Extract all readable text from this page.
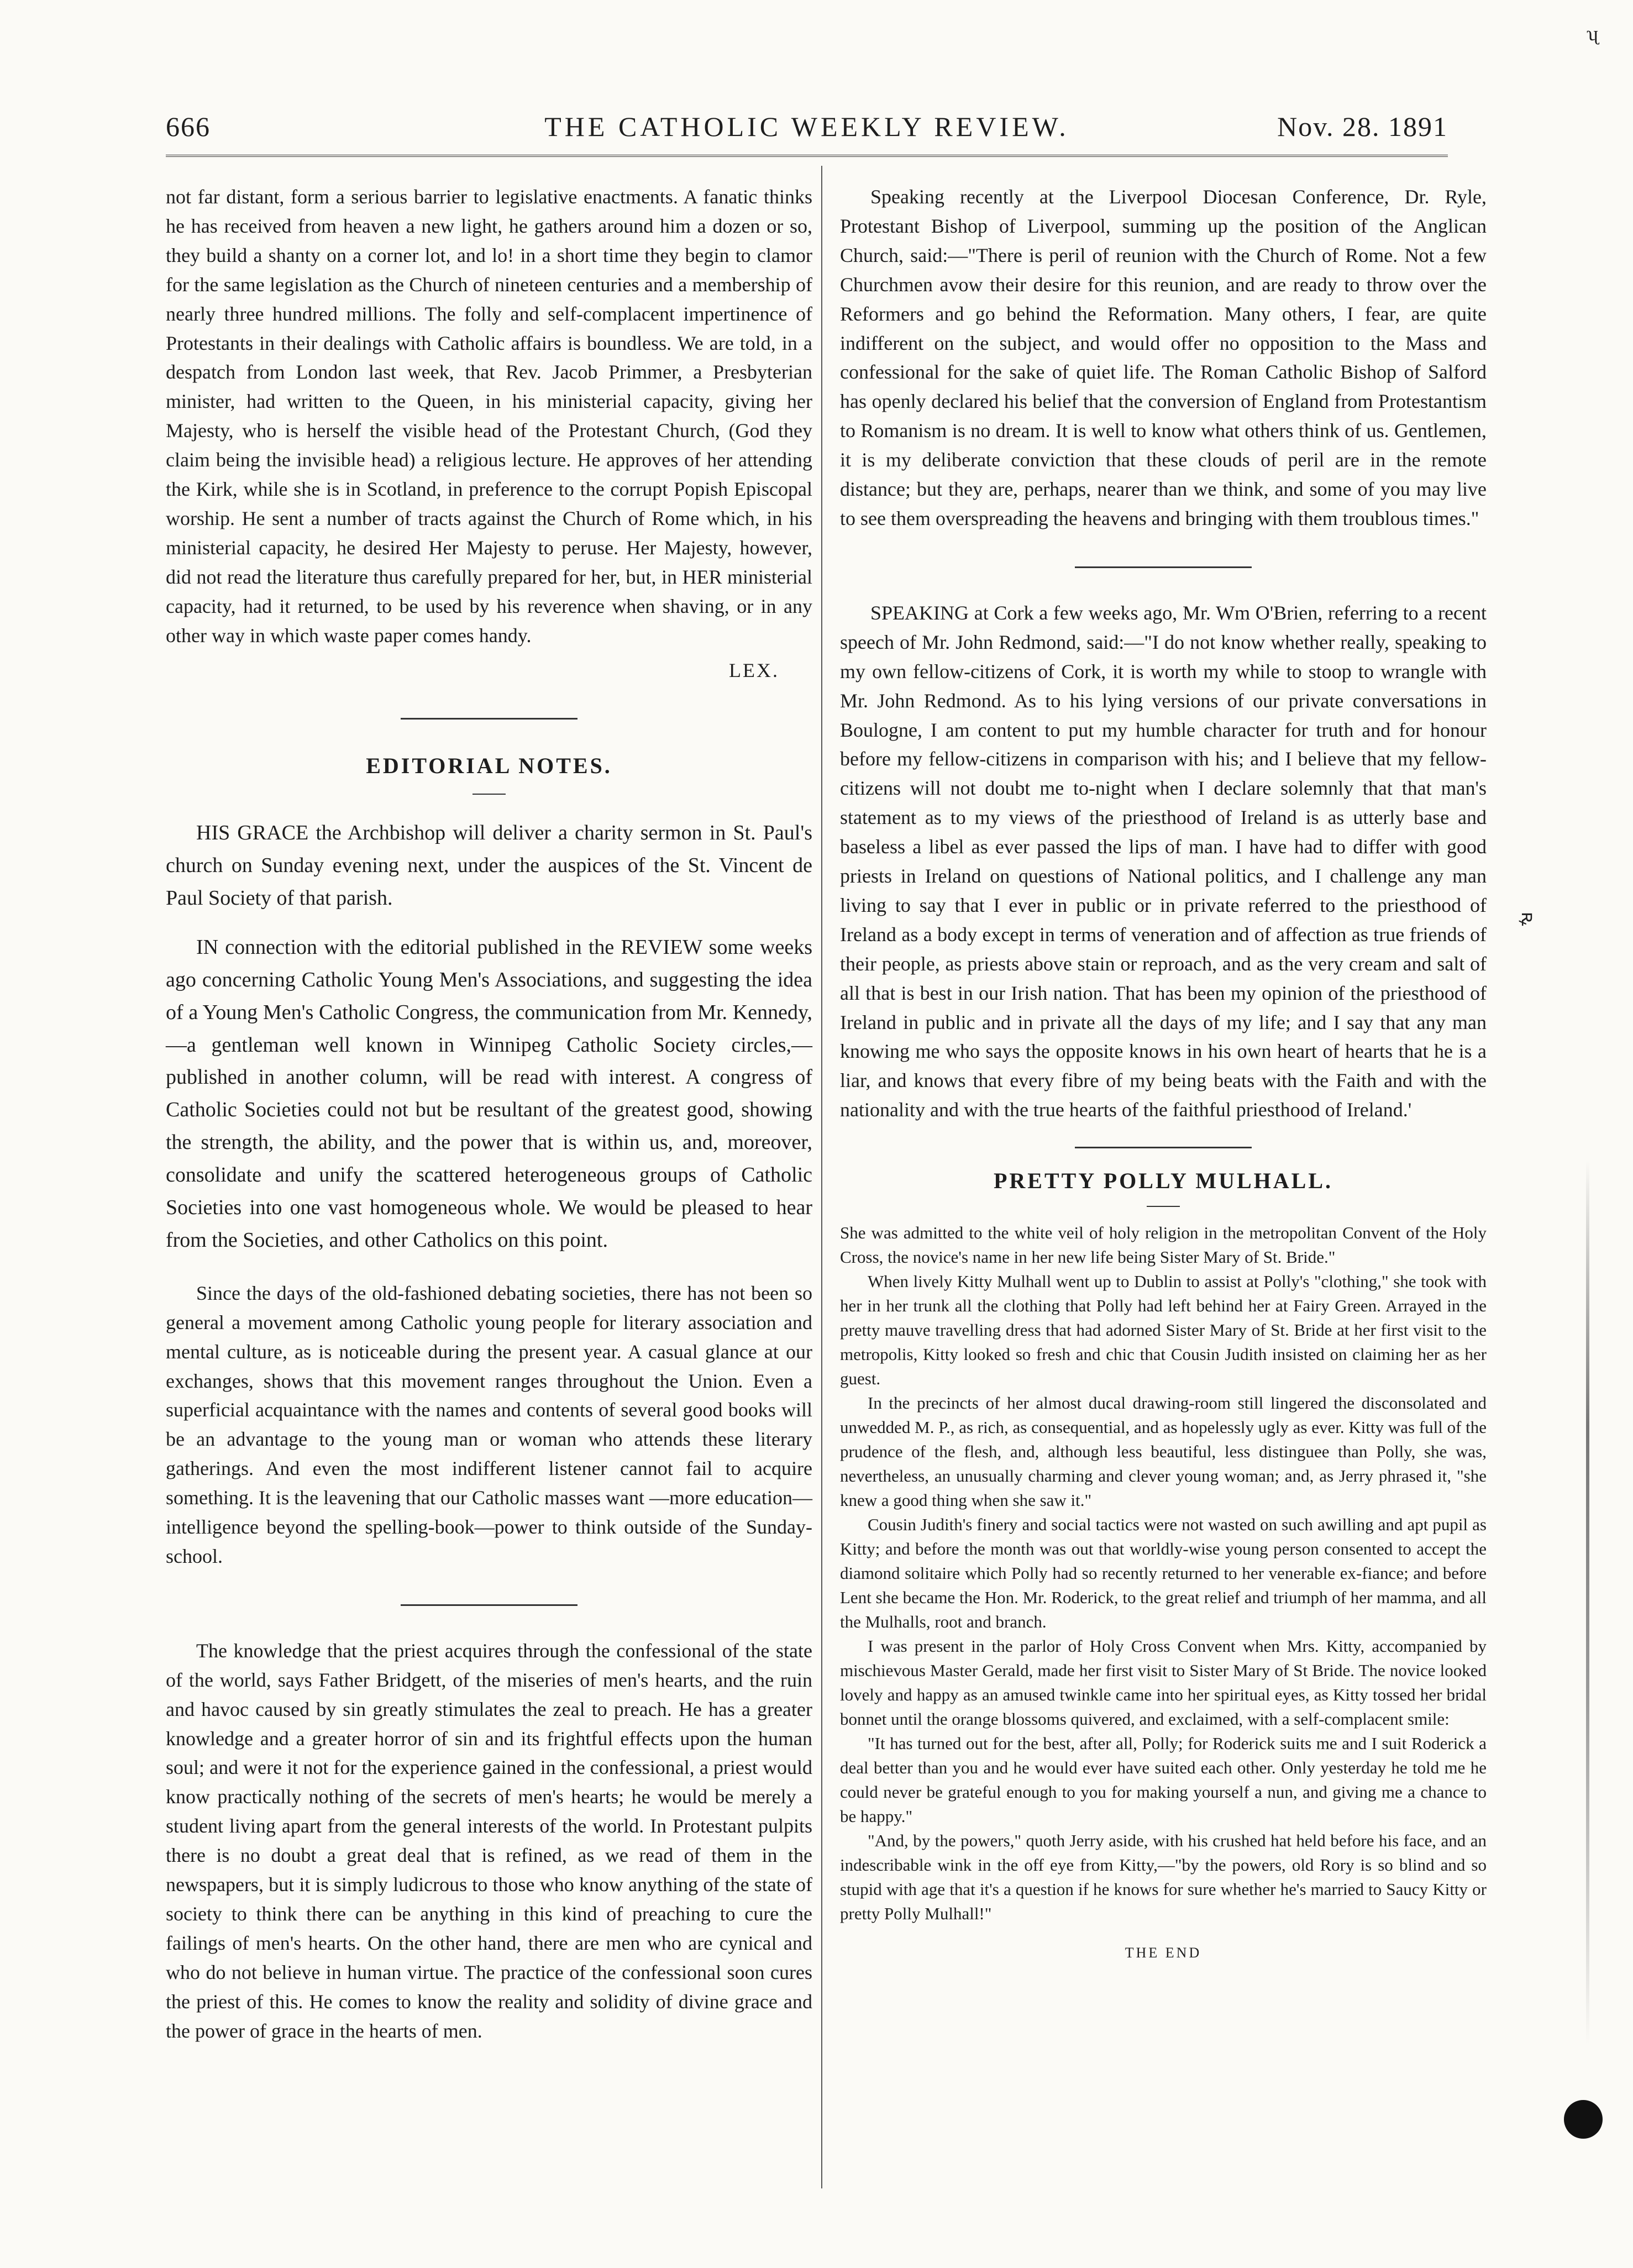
ʯ
666	THE CATHOLIC WEEKLY REVIEW.	Nov. 28. 1891

not far distant, form a serious barrier to legislative enactments. A fanatic thinks he has received from heaven a new light, he gathers around him a dozen or so, they build a shanty on a corner lot, and lo! in a short time they begin to clamor for the same legislation as the Church of nineteen centuries and a membership of nearly three hundred millions. The folly and self-complacent impertinence of Protestants in their dealings with Catholic affairs is boundless. We are told, in a despatch from London last week, that Rev. Jacob Primmer, a Presbyterian minister, had written to the Queen, in his ministerial capacity, giving her Majesty, who is herself the visible head of the Protestant Church, (God they claim being the invisible head) a religious lecture. He approves of her attending the Kirk, while she is in Scotland, in preference to the corrupt Popish Episcopal worship. He sent a number of tracts against the Church of Rome which, in his ministerial capacity, he desired Her Majesty to peruse. Her Majesty, however, did not read the literature thus carefully prepared for her, but, in HER ministerial capacity, had it returned, to be used by his reverence when shaving, or in any other way in which waste paper comes handy.

LEX.
EDITORIAL NOTES.

HIS GRACE the Archbishop will deliver a charity sermon in St. Paul's church on Sunday evening next, under the auspices of the St. Vincent de Paul Society of that parish.

IN connection with the editorial published in the REVIEW some weeks ago concerning Catholic Young Men's Associations, and suggesting the idea of a Young Men's Catholic Congress, the communication from Mr. Kennedy,—a gentleman well known in Winnipeg Catholic Society circles,—published in another column, will be read with interest. A congress of Catholic Societies could not but be resultant of the greatest good, showing the strength, the ability, and the power that is within us, and, moreover, consolidate and unify the scattered heterogeneous groups of Catholic Societies into one vast homogeneous whole. We would be pleased to hear from the Societies, and other Catholics on this point.

Since the days of the old-fashioned debating societies, there has not been so general a movement among Catholic young people for literary association and mental culture, as is noticeable during the present year. A casual glance at our exchanges, shows that this movement ranges throughout the Union. Even a superficial acquaintance with the names and contents of several good books will be an advantage to the young man or woman who attends these literary gatherings. And even the most indifferent listener cannot fail to acquire something. It is the leavening that our Catholic masses want —more education—intelligence beyond the spelling-book—power to think outside of the Sunday-school.

The knowledge that the priest acquires through the confessional of the state of the world, says Father Bridgett, of the miseries of men's hearts, and the ruin and havoc caused by sin greatly stimulates the zeal to preach. He has a greater knowledge and a greater horror of sin and its frightful effects upon the human soul; and were it not for the experience gained in the confessional, a priest would know practically nothing of the secrets of men's hearts; he would be merely a student living apart from the general interests of the world. In Protestant pulpits there is no doubt a great deal that is refined, as we read of them in the newspapers, but it is simply ludicrous to those who know anything of the state of society to think there can be anything in this kind of preaching to cure the failings of men's hearts. On the other hand, there are men who are cynical and who do not believe in human virtue. The practice of the confessional soon cures the priest of this. He comes to know the reality and solidity of divine grace and the power of grace in the hearts of men.

Speaking recently at the Liverpool Diocesan Conference, Dr. Ryle, Protestant Bishop of Liverpool, summing up the position of the Anglican Church, said:—"There is peril of reunion with the Church of Rome. Not a few Churchmen avow their desire for this reunion, and are ready to throw over the Reformers and go behind the Reformation. Many others, I fear, are quite indifferent on the subject, and would offer no opposition to the Mass and confessional for the sake of quiet life. The Roman Catholic Bishop of Salford has openly declared his belief that the conversion of England from Protestantism to Romanism is no dream. It is well to know what others think of us. Gentlemen, it is my deliberate conviction that these clouds of peril are in the remote distance; but they are, perhaps, nearer than we think, and some of you may live to see them overspreading the heavens and bringing with them troublous times."

SPEAKING at Cork a few weeks ago, Mr. Wm O'Brien, referring to a recent speech of Mr. John Redmond, said:—"I do not know whether really, speaking to my own fellow-citizens of Cork, it is worth my while to stoop to wrangle with Mr. John Redmond. As to his lying versions of our private conversations in Boulogne, I am content to put my humble character for truth and for honour before my fellow-citizens in comparison with his; and I believe that my fellow-citizens will not doubt me to-night when I declare solemnly that that man's statement as to my views of the priesthood of Ireland is as utterly base and baseless a libel as ever passed the lips of man. I have had to differ with good priests in Ireland on questions of National politics, and I challenge any man living to say that I ever in public or in private referred to the priesthood of Ireland as a body except in terms of veneration and of affection as true friends of their people, as priests above stain or reproach, and as the very cream and salt of all that is best in our Irish nation. That has been my opinion of the priesthood of Ireland in public and in private all the days of my life; and I say that any man knowing me who says the opposite knows in his own heart of hearts that he is a liar, and knows that every fibre of my being beats with the Faith and with the nationality and with the true hearts of the faithful priesthood of Ireland.'

PRETTY POLLY MULHALL.

She was admitted to the white veil of holy religion in the metropolitan Convent of the Holy Cross, the novice's name in her new life being Sister Mary of St. Bride."

When lively Kitty Mulhall went up to Dublin to assist at Polly's "clothing," she took with her in her trunk all the clothing that Polly had left behind her at Fairy Green. Arrayed in the pretty mauve travelling dress that had adorned Sister Mary of St. Bride at her first visit to the metropolis, Kitty looked so fresh and chic that Cousin Judith insisted on claiming her as her guest.

In the precincts of her almost ducal drawing-room still lingered the disconsolated and unwedded M. P., as rich, as consequential, and as hopelessly ugly as ever. Kitty was full of the prudence of the flesh, and, although less beautiful, less distinguee than Polly, she was, nevertheless, an unusually charming and clever young woman; and, as Jerry phrased it, "she knew a good thing when she saw it."

Cousin Judith's finery and social tactics were not wasted on such awilling and apt pupil as Kitty; and before the month was out that worldly-wise young person consented to accept the diamond solitaire which Polly had so recently returned to her venerable ex-fiance; and before Lent she became the Hon. Mr. Roderick, to the great relief and triumph of her mamma, and all the Mulhalls, root and branch.

I was present in the parlor of Holy Cross Convent when Mrs. Kitty, accompanied by mischievous Master Gerald, made her first visit to Sister Mary of St Bride. The novice looked lovely and happy as an amused twinkle came into her spiritual eyes, as Kitty tossed her bridal bonnet until the orange blossoms quivered, and exclaimed, with a self-complacent smile:

"It has turned out for the best, after all, Polly; for Roderick suits me and I suit Roderick a deal better than you and he would ever have suited each other. Only yesterday he told me he could never be grateful enough to you for making yourself a nun, and giving me a chance to be happy."

"And, by the powers," quoth Jerry aside, with his crushed hat held before his face, and an indescribable wink in the off eye from Kitty,—"by the powers, old Rory is so blind and so stupid with age that it's a question if he knows for sure whether he's married to Saucy Kitty or pretty Polly Mulhall!"

THE END
ꝶ
